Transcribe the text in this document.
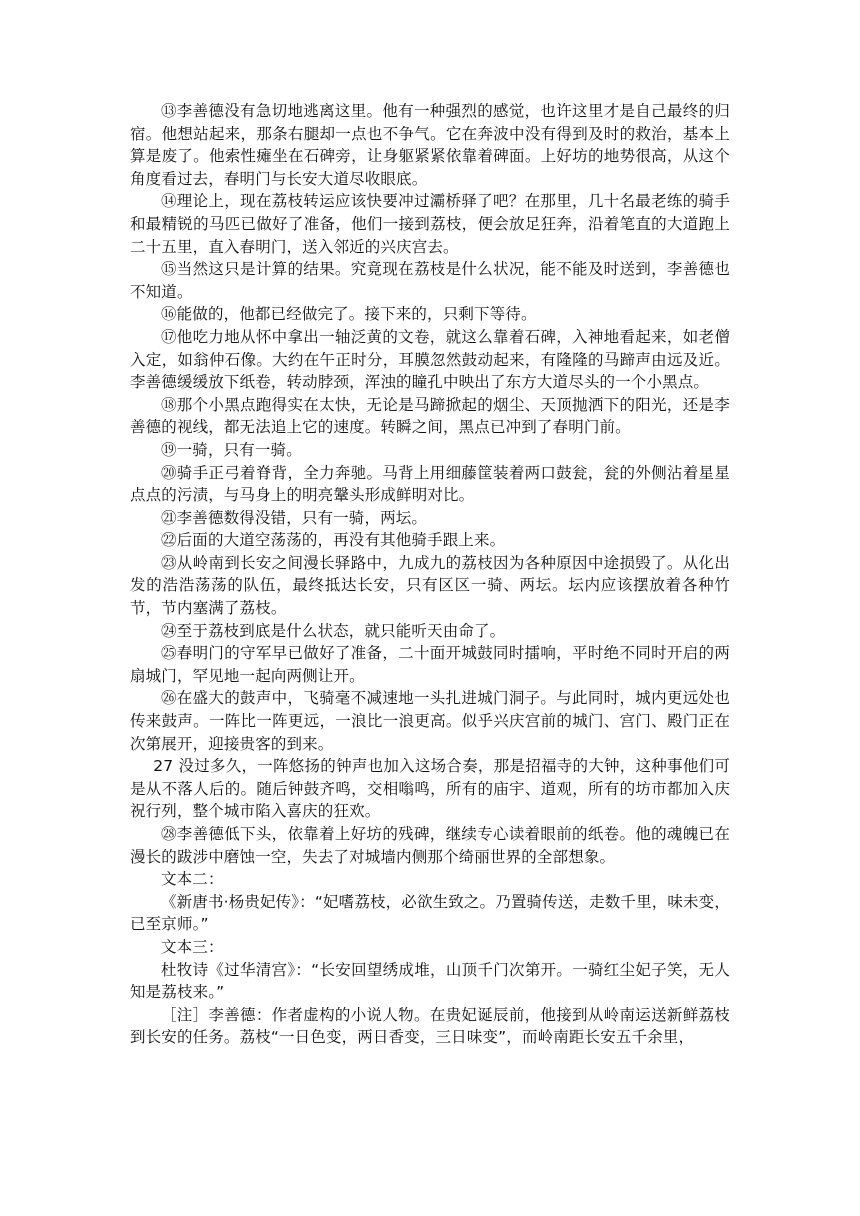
⑬李善德没有急切地逃离这里。他有一种强烈的感觉，也许这里才是自己最终的归宿。他想站起来，那条右腿却一点也不争气。它在奔波中没有得到及时的救治，基本上算是废了。他索性瘫坐在石碑旁，让身躯紧紧依靠着碑面。上好坊的地势很高，从这个角度看过去，春明门与长安大道尽收眼底。

⑭理论上，现在荔枝转运应该快要冲过灞桥驿了吧？在那里，几十名最老练的骑手和最精锐的马匹已做好了准备，他们一接到荔枝，便会放足狂奔，沿着笔直的大道跑上二十五里，直入春明门，送入邻近的兴庆宫去。

⑮当然这只是计算的结果。究竟现在荔枝是什么状况，能不能及时送到，李善德也不知道。

⑯能做的，他都已经做完了。接下来的，只剩下等待。

⑰他吃力地从怀中拿出一轴泛黄的文卷，就这么靠着石碑，入神地看起来，如老僧入定，如翁仲石像。大约在午正时分，耳膜忽然鼓动起来，有隆隆的马蹄声由远及近。李善德缓缓放下纸卷，转动脖颈，浑浊的瞳孔中映出了东方大道尽头的一个小黑点。

⑱那个小黑点跑得实在太快，无论是马蹄掀起的烟尘、天顶抛洒下的阳光，还是李善德的视线，都无法追上它的速度。转瞬之间，黑点已冲到了春明门前。

⑲一骑，只有一骑。

⑳骑手正弓着脊背，全力奔驰。马背上用细藤筐装着两口鼓瓮，瓮的外侧沾着星星点点的污渍，与马身上的明亮鞶头形成鲜明对比。

㉑李善德数得没错，只有一骑，两坛。

㉒后面的大道空荡荡的，再没有其他骑手跟上来。

㉓从岭南到长安之间漫长驿路中，九成九的荔枝因为各种原因中途损毁了。从化出发的浩浩荡荡的队伍，最终抵达长安，只有区区一骑、两坛。坛内应该摆放着各种竹节，节内塞满了荔枝。

㉔至于荔枝到底是什么状态，就只能听天由命了。

㉕春明门的守军早已做好了准备，二十面开城鼓同时擂响，平时绝不同时开启的两扇城门，罕见地一起向两侧让开。

㉖在盛大的鼓声中，飞骑毫不减速地一头扎进城门洞子。与此同时，城内更远处也传来鼓声。一阵比一阵更远，一浪比一浪更高。似乎兴庆宫前的城门、宫门、殿门正在次第展开，迎接贵客的到来。

27 没过多久，一阵悠扬的钟声也加入这场合奏，那是招福寺的大钟，这种事他们可是从不落人后的。随后钟鼓齐鸣，交相嗡鸣，所有的庙宇、道观，所有的坊市都加入庆祝行列，整个城市陷入喜庆的狂欢。

㉘李善德低下头，依靠着上好坊的残碑，继续专心读着眼前的纸卷。他的魂魄已在漫长的跋涉中磨蚀一空，失去了对城墙内侧那个绮丽世界的全部想象。

文本二：

《新唐书·杨贵妃传》：“妃嗜荔枝，必欲生致之。乃置骑传送，走数千里，味未变，已至京师。”

文本三：

杜牧诗《过华清宫》：“长安回望绣成堆，山顶千门次第开。一骑红尘妃子笑，无人知是荔枝来。”

［注］李善德：作者虚构的小说人物。在贵妃诞辰前，他接到从岭南运送新鲜荔枝到长安的任务。荔枝“一日色变，两日香变，三日味变”，而岭南距长安五千余里，
